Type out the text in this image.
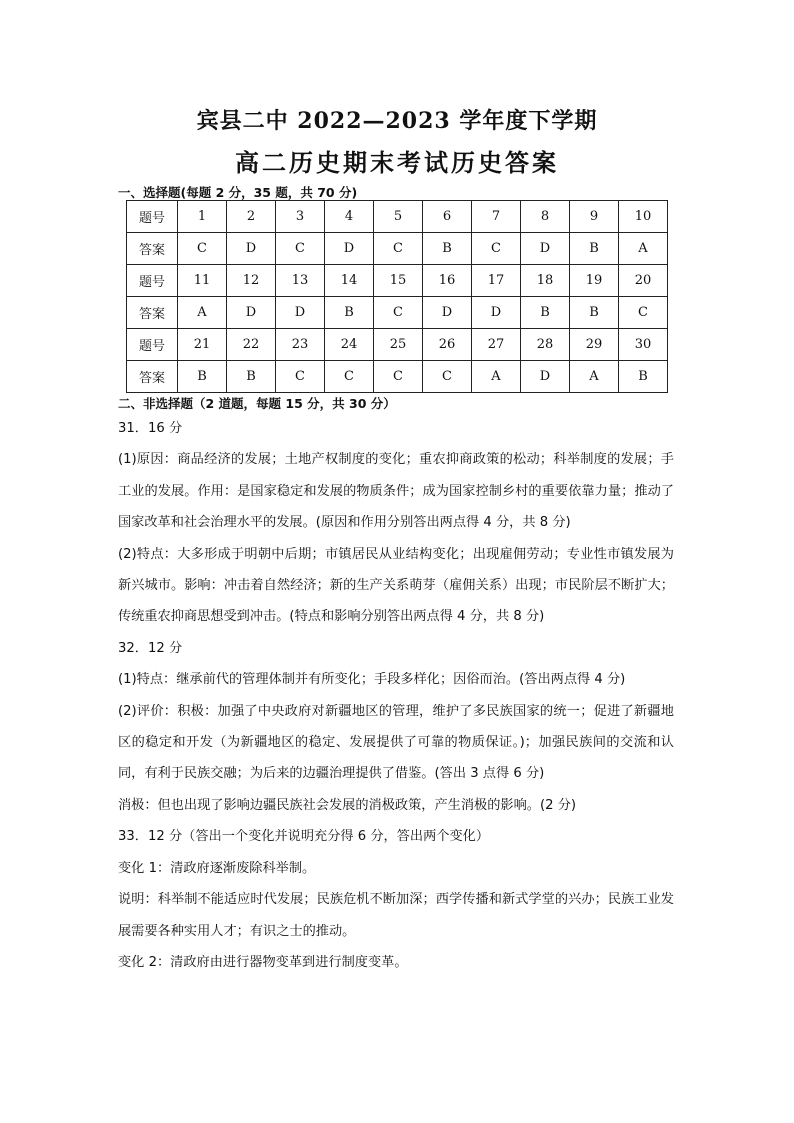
宾县二中 2022—2023 学年度下学期
高二历史期末考试历史答案
一、选择题(每题 2 分，35 题，共 70 分)
题号	1	2	3	4	5	6	7	8	9	10
答案	C	D	C	D	C	B	C	D	B	A
题号	11	12	13	14	15	16	17	18	19	20
答案	A	D	D	B	C	D	D	B	B	C
题号	21	22	23	24	25	26	27	28	29	30
答案	B	B	C	C	C	C	A	D	A	B
二、非选择题（2 道题，每题 15 分，共 30 分）

31．16 分

(1)原因：商品经济的发展；土地产权制度的变化；重农抑商政策的松动；科举制度的发展；手工业的发展。作用：是国家稳定和发展的物质条件；成为国家控制乡村的重要依靠力量；推动了国家改革和社会治理水平的发展。(原因和作用分别答出两点得 4 分，共 8 分)

(2)特点：大多形成于明朝中后期；市镇居民从业结构变化；出现雇佣劳动；专业性市镇发展为新兴城市。影响：冲击着自然经济；新的生产关系萌芽（雇佣关系）出现；市民阶层不断扩大；传统重农抑商思想受到冲击。(特点和影响分别答出两点得 4 分，共 8 分)

32．12 分

(1)特点：继承前代的管理体制并有所变化；手段多样化；因俗而治。(答出两点得 4 分)

(2)评价：积极：加强了中央政府对新疆地区的管理，维护了多民族国家的统一；促进了新疆地区的稳定和开发（为新疆地区的稳定、发展提供了可靠的物质保证。)；加强民族间的交流和认同，有利于民族交融；为后来的边疆治理提供了借鉴。(答出 3 点得 6 分)

消极：但也出现了影响边疆民族社会发展的消极政策，产生消极的影响。(2 分)

33．12 分（答出一个变化并说明充分得 6 分，答出两个变化）

变化 1：清政府逐渐废除科举制。

说明：科举制不能适应时代发展；民族危机不断加深；西学传播和新式学堂的兴办；民族工业发展需要各种实用人才；有识之士的推动。

变化 2：清政府由进行器物变革到进行制度变革。
